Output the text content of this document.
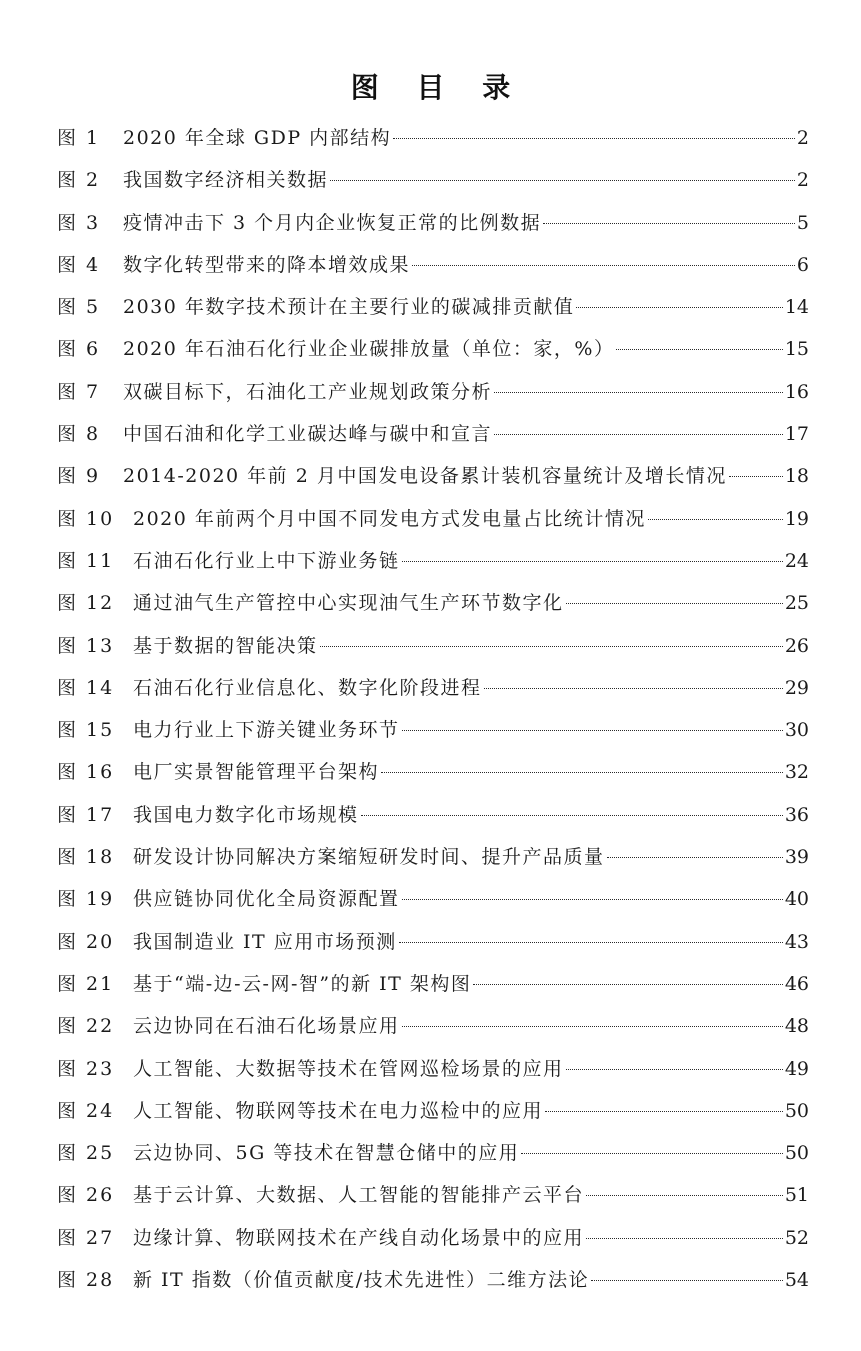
图 目 录
图 1	2020 年全球 GDP 内部结构	2
图 2	我国数字经济相关数据	2
图 3	疫情冲击下 3 个月内企业恢复正常的比例数据	5
图 4	数字化转型带来的降本增效成果	6
图 5	2030 年数字技术预计在主要行业的碳减排贡献值	14
图 6	2020 年石油石化行业企业碳排放量（单位：家，%）	15
图 7	双碳目标下，石油化工产业规划政策分析	16
图 8	中国石油和化学工业碳达峰与碳中和宣言	17
图 9	2014-2020 年前 2 月中国发电设备累计装机容量统计及增长情况	18
图 10 2020 年前两个月中国不同发电方式发电量占比统计情况	19
图 11 石油石化行业上中下游业务链	24
图 12 通过油气生产管控中心实现油气生产环节数字化	25
图 13 基于数据的智能决策	26
图 14 石油石化行业信息化、数字化阶段进程	29
图 15 电力行业上下游关键业务环节	30
图 16 电厂实景智能管理平台架构	32
图 17 我国电力数字化市场规模	36
图 18 研发设计协同解决方案缩短研发时间、提升产品质量	39
图 19 供应链协同优化全局资源配置	40
图 20 我国制造业 IT 应用市场预测	43
图 21 基于“端-边-云-网-智”的新 IT 架构图	46
图 22 云边协同在石油石化场景应用	48
图 23 人工智能、大数据等技术在管网巡检场景的应用	49
图 24 人工智能、物联网等技术在电力巡检中的应用	50
图 25 云边协同、5G 等技术在智慧仓储中的应用	50
图 26 基于云计算、大数据、人工智能的智能排产云平台	51
图 27 边缘计算、物联网技术在产线自动化场景中的应用	52
图 28 新 IT 指数（价值贡献度/技术先进性）二维方法论	54
